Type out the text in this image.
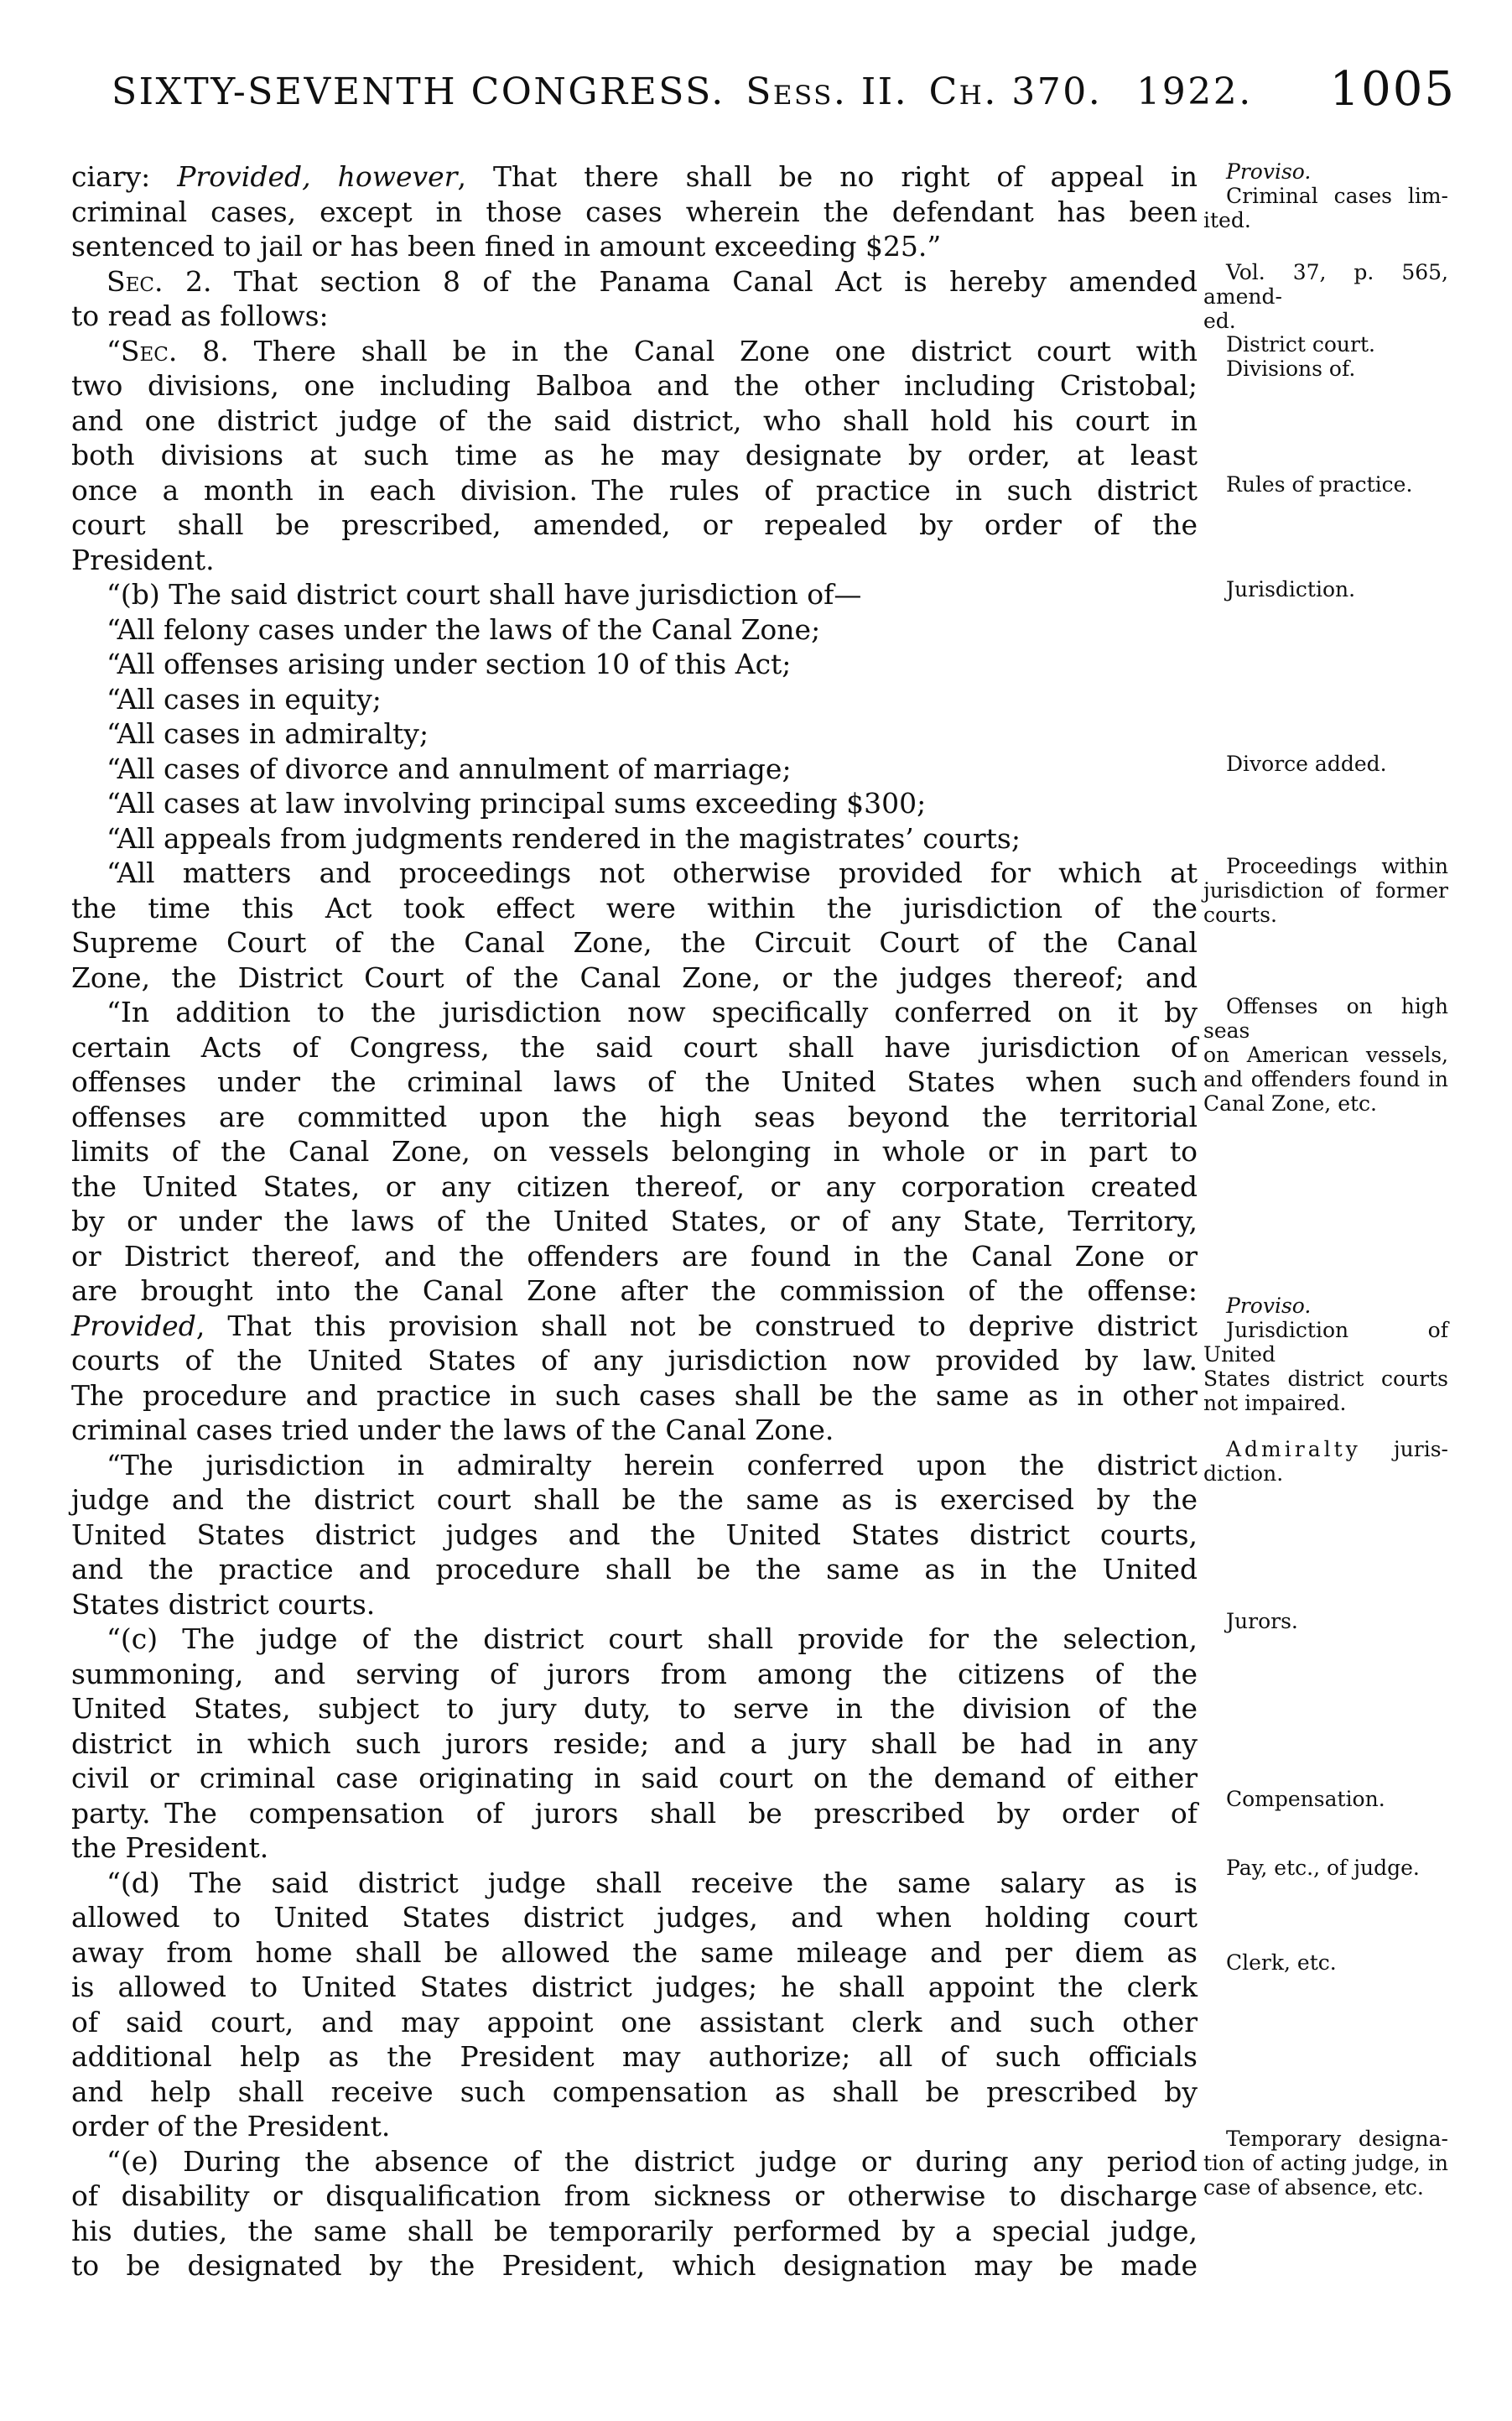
SIXTY-SEVENTH CONGRESS. Sess. II. Ch. 370.  1922. 1005
ciary: Provided, however, That there shall be no right of appeal in
criminal cases, except in those cases wherein the defendant has been
sentenced to jail or has been fined in amount exceeding $25.”
Sec. 2. That section 8 of the Panama Canal Act is hereby amended
to read as follows:
“Sec. 8. There shall be in the Canal Zone one district court with
two divisions, one including Balboa and the other including Cristobal;
and one district judge of the said district, who shall hold his court in
both divisions at such time as he may designate by order, at least
once a month in each division. The rules of practice in such district
court shall be prescribed, amended, or repealed by order of the
President.
“(b) The said district court shall have jurisdiction of—
“All felony cases under the laws of the Canal Zone;
“All offenses arising under section 10 of this Act;
“All cases in equity;
“All cases in admiralty;
“All cases of divorce and annulment of marriage;
“All cases at law involving principal sums exceeding $300;
“All appeals from judgments rendered in the magistrates’ courts;
“All matters and proceedings not otherwise provided for which at
the time this Act took effect were within the jurisdiction of the
Supreme Court of the Canal Zone, the Circuit Court of the Canal
Zone, the District Court of the Canal Zone, or the judges thereof; and
“In addition to the jurisdiction now specifically conferred on it by
certain Acts of Congress, the said court shall have jurisdiction of
offenses under the criminal laws of the United States when such
offenses are committed upon the high seas beyond the territorial
limits of the Canal Zone, on vessels belonging in whole or in part to
the United States, or any citizen thereof, or any corporation created
by or under the laws of the United States, or of any State, Territory,
or District thereof, and the offenders are found in the Canal Zone or
are brought into the Canal Zone after the commission of the offense:
Provided, That this provision shall not be construed to deprive district
courts of the United States of any jurisdiction now provided by law.
The procedure and practice in such cases shall be the same as in other
criminal cases tried under the laws of the Canal Zone.
“The jurisdiction in admiralty herein conferred upon the district
judge and the district court shall be the same as is exercised by the
United States district judges and the United States district courts,
and the practice and procedure shall be the same as in the United
States district courts.
“(c) The judge of the district court shall provide for the selection,
summoning, and serving of jurors from among the citizens of the
United States, subject to jury duty, to serve in the division of the
district in which such jurors reside; and a jury shall be had in any
civil or criminal case originating in said court on the demand of either
party. The compensation of jurors shall be prescribed by order of
the President.
“(d) The said district judge shall receive the same salary as is
allowed to United States district judges, and when holding court
away from home shall be allowed the same mileage and per diem as
is allowed to United States district judges; he shall appoint the clerk
of said court, and may appoint one assistant clerk and such other
additional help as the President may authorize; all of such officials
and help shall receive such compensation as shall be prescribed by
order of the President.
“(e) During the absence of the district judge or during any period
of disability or disqualification from sickness or otherwise to discharge
his duties, the same shall be temporarily performed by a special judge,
to be designated by the President, which designation may be made
Proviso.
Criminal cases lim-
ited.
Vol. 37, p. 565, amend-
ed.
District court.
Divisions of.
Rules of practice.
Jurisdiction.
Divorce added.
Proceedings within
jurisdiction of former
courts.
Offenses on high seas
on American vessels,
and offenders found in
Canal Zone, etc.
Proviso.
Jurisdiction of United
States district courts
not impaired.
Admiralty juris-
diction.
Jurors.
Compensation.
Pay, etc., of judge.
Clerk, etc.
Temporary designa-
tion of acting judge, in
case of absence, etc.
